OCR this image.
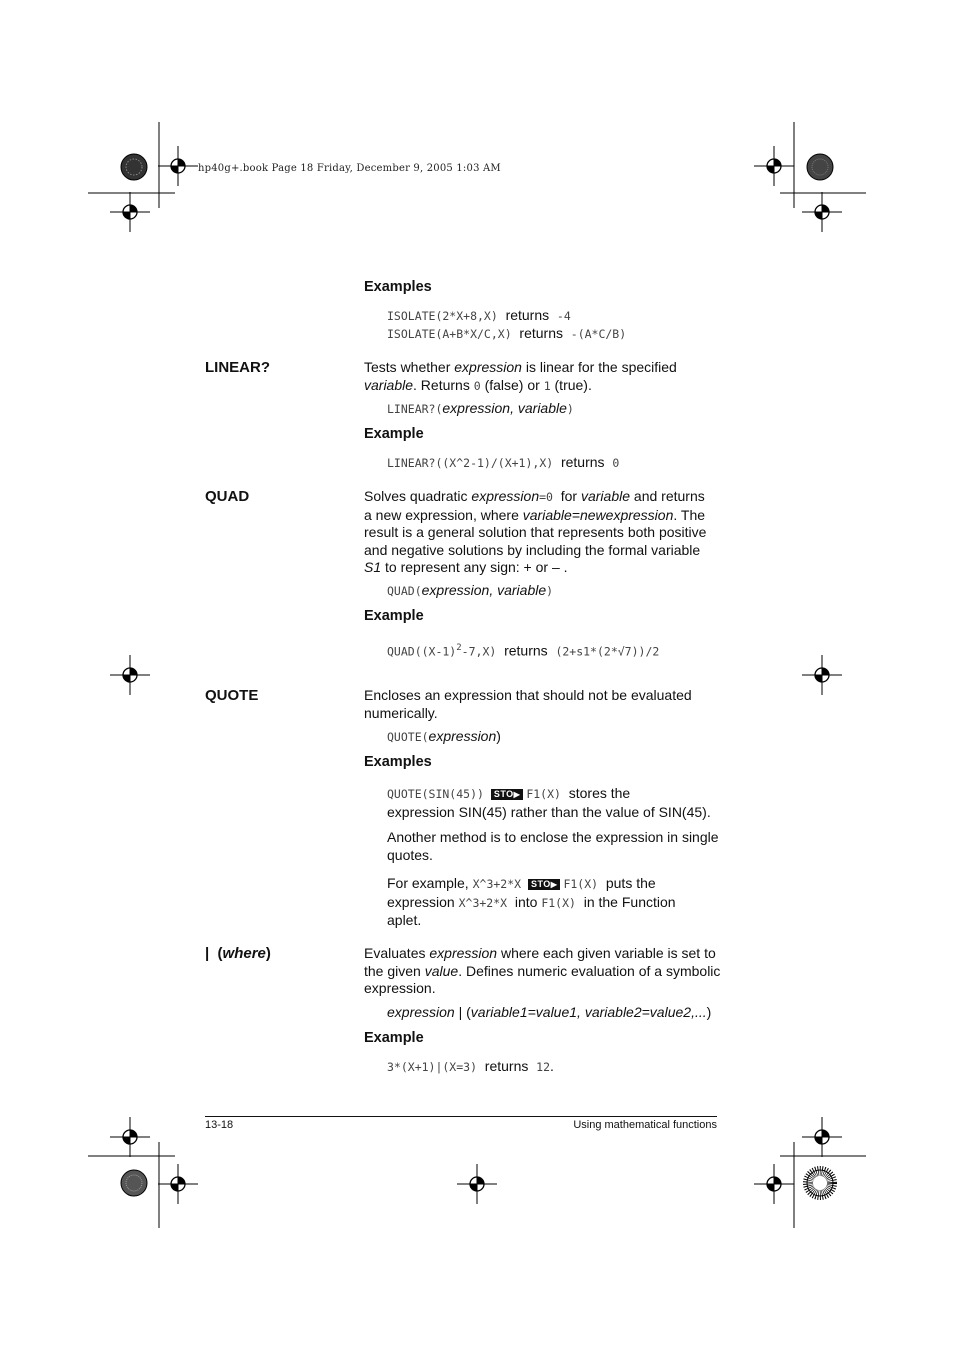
hp40g+.book Page 18 Friday, December 9, 2005 1:03 AM
Examples
ISOLATE(2*X+8,X) returns -4
ISOLATE(A+B*X/C,X) returns -(A*C/B)
LINEAR?	Tests whether expression is linear for the specified
variable. Returns 0 (false) or 1 (true).
LINEAR?(expression, variable)
Example
LINEAR?((X^2-1)/(X+1),X) returns 0
QUAD	Solves quadratic expression=0 for variable and returns
a new expression, where variable=newexpression. The
result is a general solution that represents both positive
and negative solutions by including the formal variable
S1 to represent any sign: + or – .
QUAD(expression, variable)
Example
$QUAD((X-1)^2-7,X)$ returns (2+s1*(2*√7))/2
QUOTE	Encloses an expression that should not be evaluated
numerically.
QUOTE(expression)
Examples
QUOTE(SIN(45)) STO▶ F1(X) stores the
expression SIN(45) rather than the value of SIN(45).
Another method is to enclose the expression in single
quotes.
For example, X^3+2*X STO▶ F1(X) puts the
expression X^3+2*X into F1(X) in the Function
aplet.
| (where)	Evaluates expression where each given variable is set to
the given value. Defines numeric evaluation of a symbolic
expression.
expression | (variable1=value1, variable2=value2,...)
Example
3*(X+1)|(X=3) returns 12.
13-18	Using mathematical functions
